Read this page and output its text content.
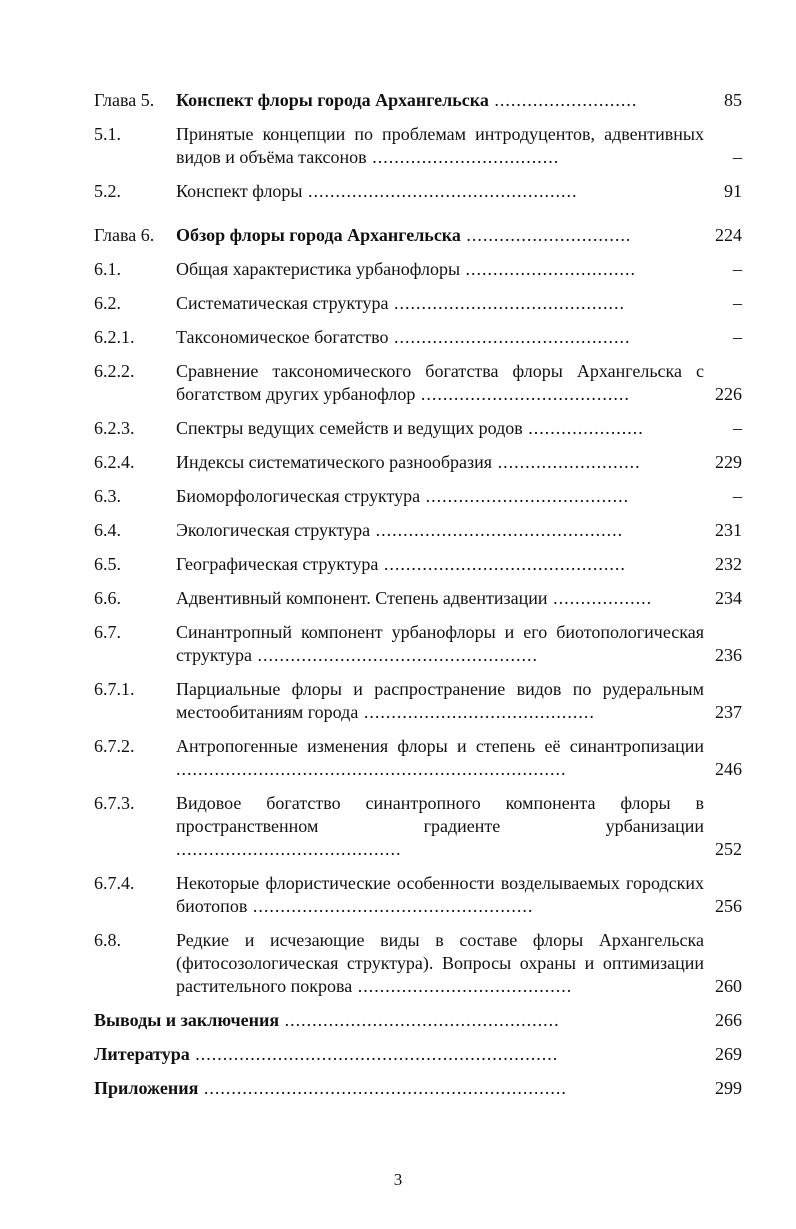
Глава 5.	Конспект флоры города Архангельска ..........................	85
5.1.	Принятые концепции по проблемам интродуцентов, адвентивных видов и объёма таксонов ..................................	–
5.2.	Конспект флоры .................................................	91
Глава 6.	Обзор флоры города Архангельска ..............................	224
6.1.	Общая характеристика урбанофлоры ...............................	–
6.2.	Систематическая структура ..........................................	–
6.2.1.	Таксономическое богатство ...........................................	–
6.2.2.	Сравнение таксономического богатства флоры Архангельска с богатством других урбанофлор ......................................	226
6.2.3.	Спектры ведущих семейств и ведущих родов .....................	–
6.2.4.	Индексы систематического разнообразия ..........................	229
6.3.	Биоморфологическая структура .....................................	–
6.4.	Экологическая структура .............................................	231
6.5.	Географическая структура ............................................	232
6.6.	Адвентивный компонент. Степень адвентизации ..................	234
6.7.	Синантропный компонент урбанофлоры и его биотопологическая структура ...................................................	236
6.7.1.	Парциальные флоры и распространение видов по рудеральным местообитаниям города ..........................................	237
6.7.2.	Антропогенные изменения флоры и степень её синантропизации .......................................................................	246
6.7.3.	Видовое богатство синантропного компонента флоры в пространственном градиенте урбанизации .........................................	252
6.7.4.	Некоторые флористические особенности возделываемых городских биотопов ...................................................	256
6.8.	Редкие и исчезающие виды в составе флоры Архангельска (фитосозологическая структура). Вопросы охраны и оптимизации растительного покрова .......................................	260
Выводы и заключения ..................................................	266
Литература ..................................................................	269
Приложения ..................................................................	299
3
